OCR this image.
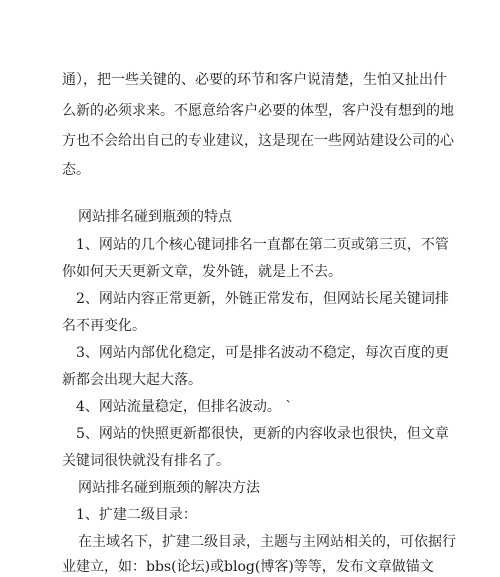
通），把一些关键的、必要的环节和客户说清楚，生怕又扯出什
么新的必须求来。不愿意给客户必要的体型，客户没有想到的地
方也不会给出自己的专业建议，这是现在一些网站建设公司的心
态。
网站排名碰到瓶颈的特点
1、网站的几个核心键词排名一直都在第二页或第三页，不管
你如何天天更新文章，发外链，就是上不去。
2、网站内容正常更新，外链正常发布，但网站长尾关键词排
名不再变化。
3、网站内部优化稳定，可是排名波动不稳定，每次百度的更
新都会出现大起大落。
4、网站流量稳定，但排名波动。 `
5、网站的快照更新都很快，更新的内容收录也很快，但文章
关键词很快就没有排名了。
网站排名碰到瓶颈的解决方法
1、扩建二级目录：
在主域名下，扩建二级目录，主题与主网站相关的，可依据行
业建立，如：bbs(论坛)或blog(博客)等等，发布文章做锚文
